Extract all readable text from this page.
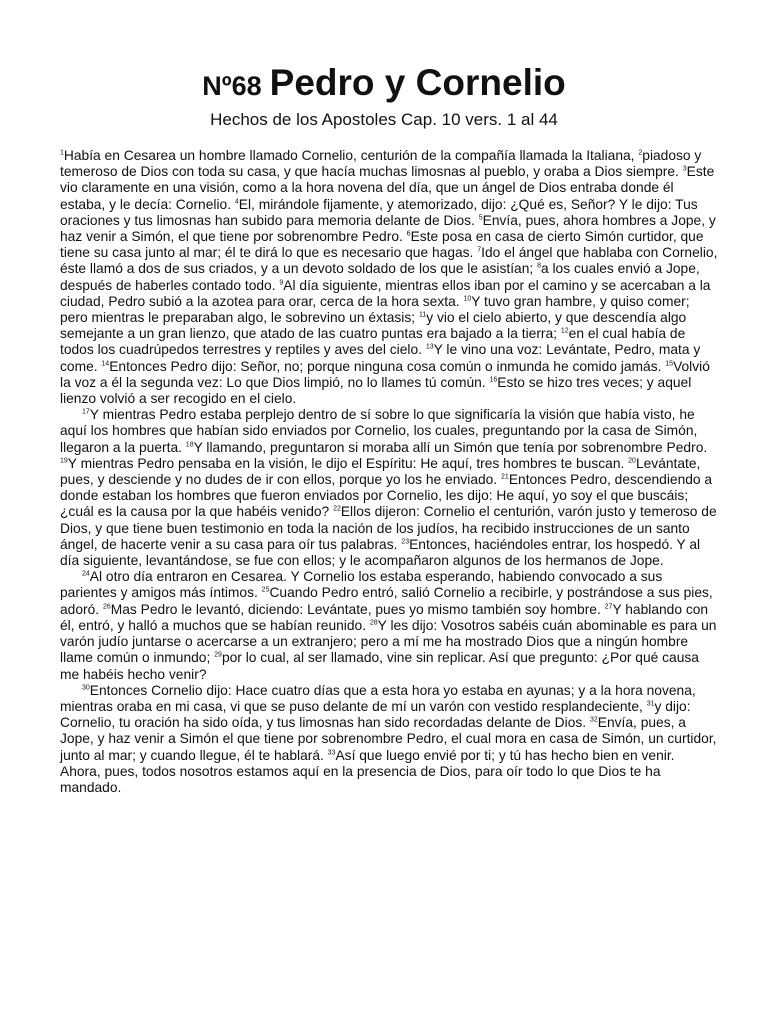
Nº68 Pedro y Cornelio
Hechos de los Apostoles Cap. 10 vers. 1 al 44

$^1$Había en Cesarea un hombre llamado Cornelio, centurión de la compañía llamada la Italiana, $^2$piadoso y temeroso de Dios con toda su casa, y que hacía muchas limosnas al pueblo, y oraba a Dios siempre. $^3$Este vio claramente en una visión, como a la hora novena del día, que un ángel de Dios entraba donde él estaba, y le decía: Cornelio. $^4$El, mirándole fijamente, y atemorizado, dijo: ¿Qué es, Señor? Y le dijo: Tus oraciones y tus limosnas han subido para memoria delante de Dios. $^5$Envía, pues, ahora hombres a Jope, y haz venir a Simón, el que tiene por sobrenombre Pedro. $^6$Este posa en casa de cierto Simón curtidor, que tiene su casa junto al mar; él te dirá lo que es necesario que hagas. $^7$Ido el ángel que hablaba con Cornelio, éste llamó a dos de sus criados, y a un devoto soldado de los que le asistían; $^8$a los cuales envió a Jope, después de haberles contado todo. $^9$Al día siguiente, mientras ellos iban por el camino y se acercaban a la ciudad, Pedro subió a la azotea para orar, cerca de la hora sexta. $^{10}$Y tuvo gran hambre, y quiso comer; pero mientras le preparaban algo, le sobrevino un éxtasis; $^{11}$y vio el cielo abierto, y que descendía algo semejante a un gran lienzo, que atado de las cuatro puntas era bajado a la tierra; $^{12}$en el cual había de todos los cuadrúpedos terrestres y reptiles y aves del cielo. $^{13}$Y le vino una voz: Levántate, Pedro, mata y come. $^{14}$Entonces Pedro dijo: Señor, no; porque ninguna cosa común o inmunda he comido jamás. $^{15}$Volvió la voz a él la segunda vez: Lo que Dios limpió, no lo llames tú común. $^{16}$Esto se hizo tres veces; y aquel lienzo volvió a ser recogido en el cielo.

$^{17}$Y mientras Pedro estaba perplejo dentro de sí sobre lo que significaría la visión que había visto, he aquí los hombres que habían sido enviados por Cornelio, los cuales, preguntando por la casa de Simón, llegaron a la puerta. $^{18}$Y llamando, preguntaron si moraba allí un Simón que tenía por sobrenombre Pedro. $^{19}$Y mientras Pedro pensaba en la visión, le dijo el Espíritu: He aquí, tres hombres te buscan. $^{20}$Levántate, pues, y desciende y no dudes de ir con ellos, porque yo los he enviado. $^{21}$Entonces Pedro, descendiendo a donde estaban los hombres que fueron enviados por Cornelio, les dijo: He aquí, yo soy el que buscáis; ¿cuál es la causa por la que habéis venido? $^{22}$Ellos dijeron: Cornelio el centurión, varón justo y temeroso de Dios, y que tiene buen testimonio en toda la nación de los judíos, ha recibido instrucciones de un santo ángel, de hacerte venir a su casa para oír tus palabras. $^{23}$Entonces, haciéndoles entrar, los hospedó. Y al día siguiente, levantándose, se fue con ellos; y le acompañaron algunos de los hermanos de Jope.

$^{24}$Al otro día entraron en Cesarea. Y Cornelio los estaba esperando, habiendo convocado a sus parientes y amigos más íntimos. $^{25}$Cuando Pedro entró, salió Cornelio a recibirle, y postrándose a sus pies, adoró. $^{26}$Mas Pedro le levantó, diciendo: Levántate, pues yo mismo también soy hombre. $^{27}$Y hablando con él, entró, y halló a muchos que se habían reunido. $^{28}$Y les dijo: Vosotros sabéis cuán abominable es para un varón judío juntarse o acercarse a un extranjero; pero a mí me ha mostrado Dios que a ningún hombre llame común o inmundo; $^{29}$por lo cual, al ser llamado, vine sin replicar. Así que pregunto: ¿Por qué causa me habéis hecho venir?

$^{30}$Entonces Cornelio dijo: Hace cuatro días que a esta hora yo estaba en ayunas; y a la hora novena, mientras oraba en mi casa, vi que se puso delante de mí un varón con vestido resplandeciente, $^{31}$y dijo: Cornelio, tu oración ha sido oída, y tus limosnas han sido recordadas delante de Dios. $^{32}$Envía, pues, a Jope, y haz venir a Simón el que tiene por sobrenombre Pedro, el cual mora en casa de Simón, un curtidor, junto al mar; y cuando llegue, él te hablará. $^{33}$Así que luego envié por ti; y tú has hecho bien en venir. Ahora, pues, todos nosotros estamos aquí en la presencia de Dios, para oír todo lo que Dios te ha mandado.
